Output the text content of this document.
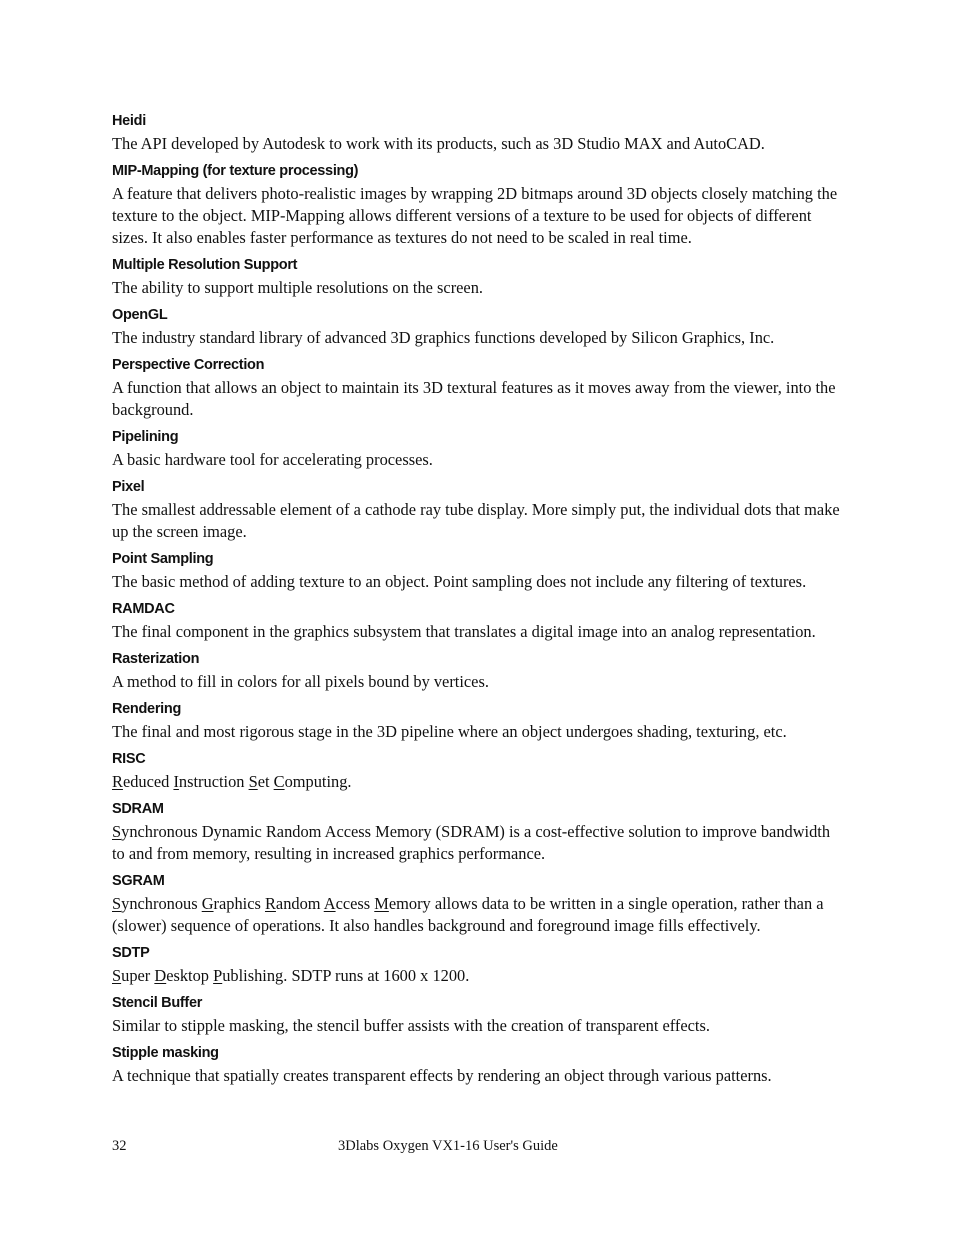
Heidi

The API developed by Autodesk to work with its products, such as 3D Studio MAX and AutoCAD.

MIP-Mapping (for texture processing)

A feature that delivers photo-realistic images by wrapping 2D bitmaps around 3D objects closely matching the texture to the object. MIP-Mapping allows different versions of a texture to be used for objects of different sizes. It also enables faster performance as textures do not need to be scaled in real time.

Multiple Resolution Support

The ability to support multiple resolutions on the screen.

OpenGL

The industry standard library of advanced 3D graphics functions developed by Silicon Graphics, Inc.

Perspective Correction

A function that allows an object to maintain its 3D textural features as it moves away from the viewer, into the background.

Pipelining

A basic hardware tool for accelerating processes.

Pixel

The smallest addressable element of a cathode ray tube display. More simply put, the individual dots that make up the screen image.

Point Sampling

The basic method of adding texture to an object. Point sampling does not include any filtering of textures.

RAMDAC

The final component in the graphics subsystem that translates a digital image into an analog representation.

Rasterization

A method to fill in colors for all pixels bound by vertices.

Rendering

The final and most rigorous stage in the 3D pipeline where an object undergoes shading, texturing, etc.

RISC

Reduced Instruction Set Computing.

SDRAM

Synchronous Dynamic Random Access Memory (SDRAM) is a cost-effective solution to improve bandwidth to and from memory, resulting in increased graphics performance.

SGRAM

Synchronous Graphics Random Access Memory allows data to be written in a single operation, rather than a (slower) sequence of operations. It also handles background and foreground image fills effectively.

SDTP

Super Desktop Publishing. SDTP runs at 1600 x 1200.

Stencil Buffer

Similar to stipple masking, the stencil buffer assists with the creation of transparent effects.

Stipple masking

A technique that spatially creates transparent effects by rendering an object through various patterns.

32	3Dlabs Oxygen VX1-16 User's Guide
